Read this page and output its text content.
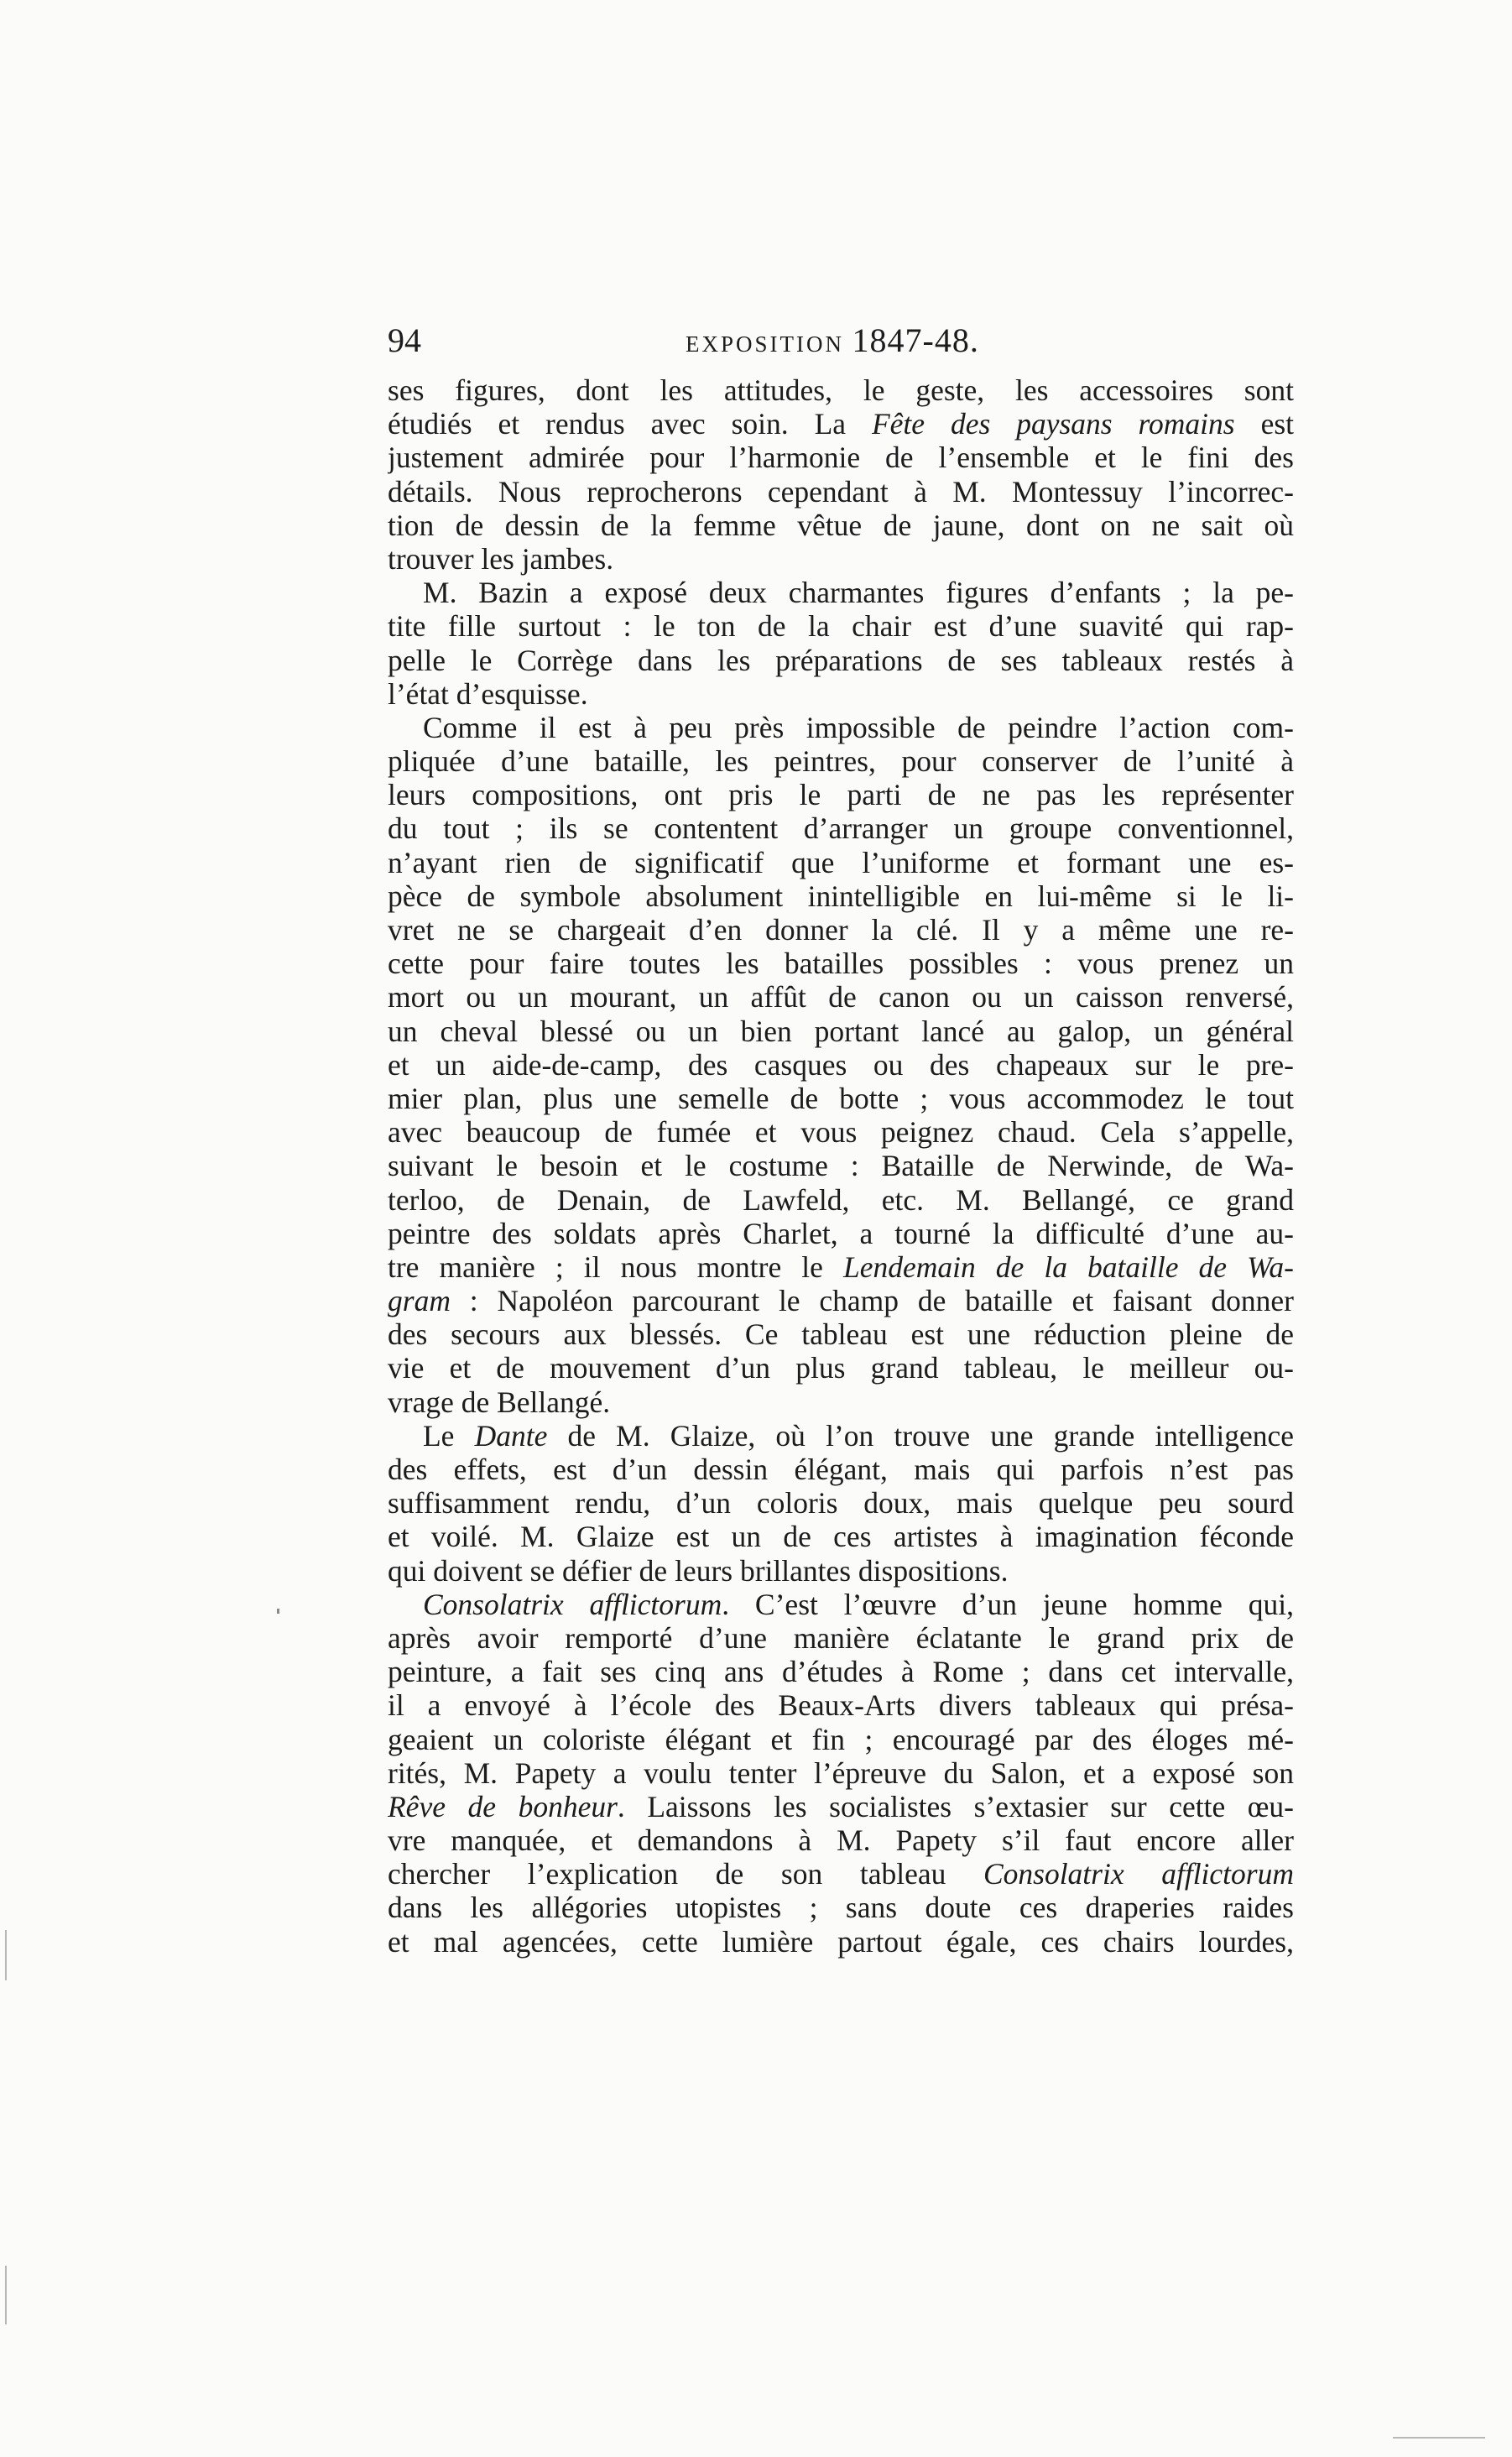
94	EXPOSITION 1847-48.
ses figures, dont les attitudes, le geste, les accessoires sont
étudiés et rendus avec soin. La Fête des paysans romains est
justement admirée pour l’harmonie de l’ensemble et le fini des
détails. Nous reprocherons cependant à M. Montessuy l’incorrec-
tion de dessin de la femme vêtue de jaune, dont on ne sait où
trouver les jambes.
M. Bazin a exposé deux charmantes figures d’enfants ; la pe-
tite fille surtout : le ton de la chair est d’une suavité qui rap-
pelle le Corrège dans les préparations de ses tableaux restés à
l’état d’esquisse.
Comme il est à peu près impossible de peindre l’action com-
pliquée d’une bataille, les peintres, pour conserver de l’unité à
leurs compositions, ont pris le parti de ne pas les représenter
du tout ; ils se contentent d’arranger un groupe conventionnel,
n’ayant rien de significatif que l’uniforme et formant une es-
pèce de symbole absolument inintelligible en lui-même si le li-
vret ne se chargeait d’en donner la clé. Il y a même une re-
cette pour faire toutes les batailles possibles : vous prenez un
mort ou un mourant, un affût de canon ou un caisson renversé,
un cheval blessé ou un bien portant lancé au galop, un général
et un aide-de-camp, des casques ou des chapeaux sur le pre-
mier plan, plus une semelle de botte ; vous accommodez le tout
avec beaucoup de fumée et vous peignez chaud. Cela s’appelle,
suivant le besoin et le costume : Bataille de Nerwinde, de Wa-
terloo, de Denain, de Lawfeld, etc. M. Bellangé, ce grand
peintre des soldats après Charlet, a tourné la difficulté d’une au-
tre manière ; il nous montre le Lendemain de la bataille de Wa-
gram : Napoléon parcourant le champ de bataille et faisant donner
des secours aux blessés. Ce tableau est une réduction pleine de
vie et de mouvement d’un plus grand tableau, le meilleur ou-
vrage de Bellangé.
Le Dante de M. Glaize, où l’on trouve une grande intelligence
des effets, est d’un dessin élégant, mais qui parfois n’est pas
suffisamment rendu, d’un coloris doux, mais quelque peu sourd
et voilé. M. Glaize est un de ces artistes à imagination féconde
qui doivent se défier de leurs brillantes dispositions.
Consolatrix afflictorum. C’est l’œuvre d’un jeune homme qui,
après avoir remporté d’une manière éclatante le grand prix de
peinture, a fait ses cinq ans d’études à Rome ; dans cet intervalle,
il a envoyé à l’école des Beaux-Arts divers tableaux qui présa-
geaient un coloriste élégant et fin ; encouragé par des éloges mé-
rités, M. Papety a voulu tenter l’épreuve du Salon, et a exposé son
Rêve de bonheur. Laissons les socialistes s’extasier sur cette œu-
vre manquée, et demandons à M. Papety s’il faut encore aller
chercher l’explication de son tableau Consolatrix afflictorum
dans les allégories utopistes ; sans doute ces draperies raides
et mal agencées, cette lumière partout égale, ces chairs lourdes,
